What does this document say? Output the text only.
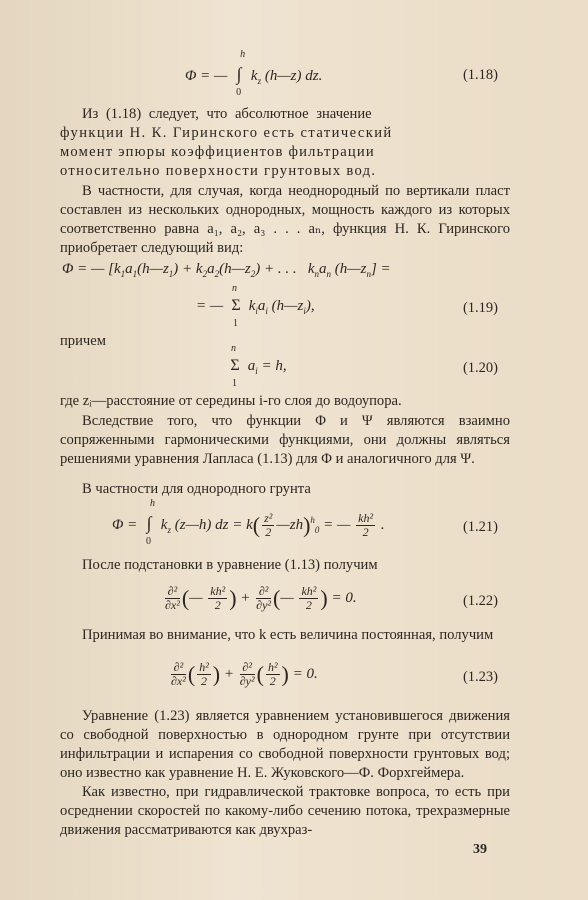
Φ = — ∫
h
0
$k_z$ (h—z) dz.	(1.18)

Из (1.18) следует, что абсолютное значение

функции Н. К. Гиринского есть статический

момент эпюры коэффициентов фильтрации

относительно поверхности грунтовых вод.

В частности, для случая, когда неоднородный по вертикали пласт составлен из нескольких однородных, мощность каждого из которых соответственно равна a₁, a₂, a₃ . . . aₙ, функция Н. К. Гиринского приобретает следующий вид:

Φ = — [$k_1a_1(h—z_1)$ + $k_2a_2(h—z_2)$ + . . .   $k_na_n$ $(h—z_n]$ =
= — Σ
n
1
$k_ia_i$ $(h—z_i)$,	(1.19)

причем

Σ
n
1
$a_i = h$,	(1.20)

где zᵢ—расстояние от середины i-го слоя до водоупора.

Вследствие того, что функции Φ и Ψ являются взаимно сопряженными гармоническими функциями, они должны являться решениями уравнения Лапласа (1.13) для Φ и аналогичного для Ψ.

В частности для однородного грунта

Φ = ∫
h
0
$k_z$ (z—h) dz = $k( \frac{\text{z²}}{2}$ —zh)$^h_0$ = — $\frac{\text{kh²}}{2}$ .	(1.21)

После подстановки в уравнение (1.13) получим

$\frac{\text{∂²}}{\text{∂x²}}$ (— $\frac{\text{kh²}}{2}$ ) + $\frac{\text{∂²}}{\text{∂y²}}$ (— $\frac{\text{kh²}}{2}$ ) = 0.	(1.22)

Принимая во внимание, что k есть величина постоянная, получим

$\frac{\text{∂²}}{\text{∂x²}}$ ( $\frac{\text{h²}}{2}$ ) + $\frac{\text{∂²}}{\text{∂y²}}$ ( $\frac{\text{h²}}{2}$ ) = 0.	(1.23)

Уравнение (1.23) является уравнением установившегося движения со свободной поверхностью в однородном грунте при отсутствии инфильтрации и испарения со свободной поверхности грунтовых вод; оно известно как уравнение Н. Е. Жуковского—Ф. Форхгеймера.

Как известно, при гидравлической трактовке вопроса, то есть при осреднении скоростей по какому-либо сечению потока, трехразмерные движения рассматриваются как двухраз-

39
